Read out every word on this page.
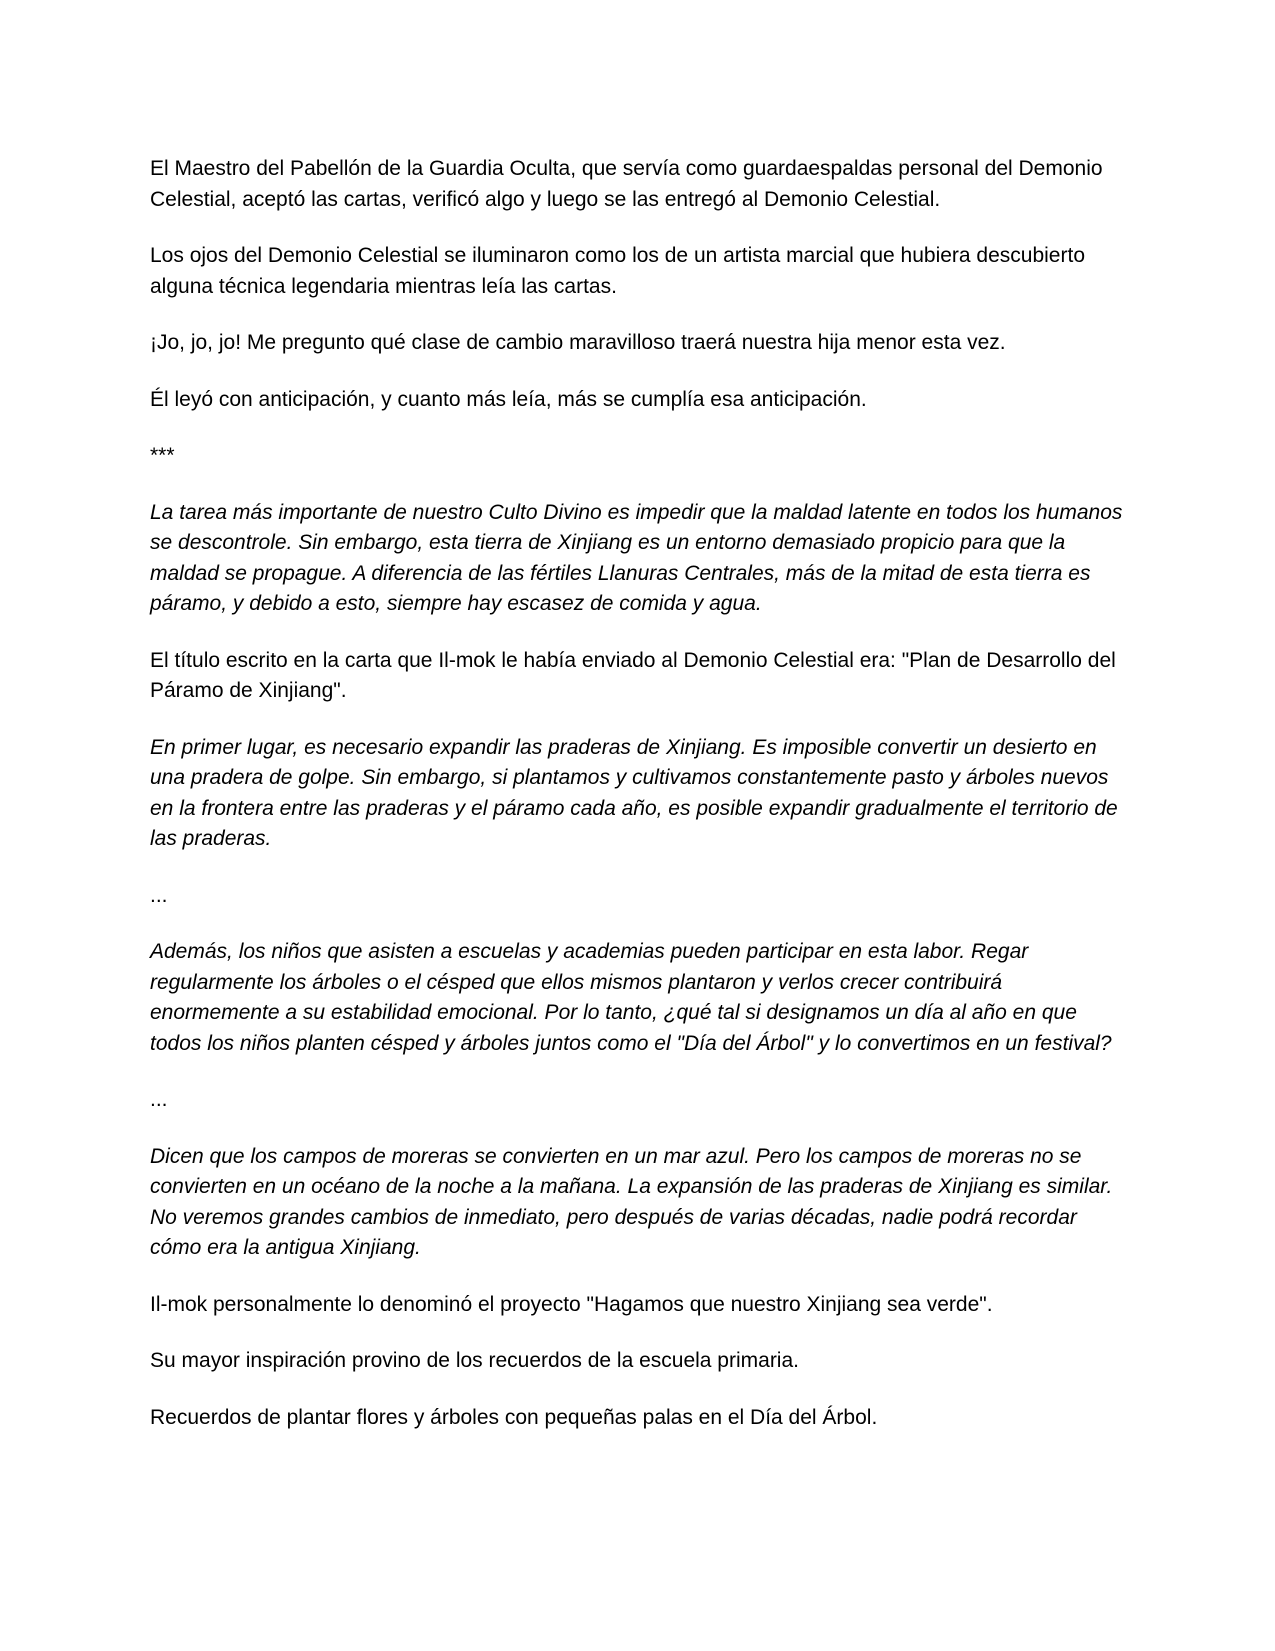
El Maestro del Pabellón de la Guardia Oculta, que servía como guardaespaldas personal del Demonio Celestial, aceptó las cartas, verificó algo y luego se las entregó al Demonio Celestial.

Los ojos del Demonio Celestial se iluminaron como los de un artista marcial que hubiera descubierto alguna técnica legendaria mientras leía las cartas.

¡Jo, jo, jo! Me pregunto qué clase de cambio maravilloso traerá nuestra hija menor esta vez.

Él leyó con anticipación, y cuanto más leía, más se cumplía esa anticipación.

***

La tarea más importante de nuestro Culto Divino es impedir que la maldad latente en todos los humanos se descontrole. Sin embargo, esta tierra de Xinjiang es un entorno demasiado propicio para que la maldad se propague. A diferencia de las fértiles Llanuras Centrales, más de la mitad de esta tierra es páramo, y debido a esto, siempre hay escasez de comida y agua.

El título escrito en la carta que Il-mok le había enviado al Demonio Celestial era: "Plan de Desarrollo del Páramo de Xinjiang".

En primer lugar, es necesario expandir las praderas de Xinjiang. Es imposible convertir un desierto en una pradera de golpe. Sin embargo, si plantamos y cultivamos constantemente pasto y árboles nuevos en la frontera entre las praderas y el páramo cada año, es posible expandir gradualmente el territorio de las praderas.

...

Además, los niños que asisten a escuelas y academias pueden participar en esta labor. Regar regularmente los árboles o el césped que ellos mismos plantaron y verlos crecer contribuirá enormemente a su estabilidad emocional. Por lo tanto, ¿qué tal si designamos un día al año en que todos los niños planten césped y árboles juntos como el "Día del Árbol" y lo convertimos en un festival?

...

Dicen que los campos de moreras se convierten en un mar azul. Pero los campos de moreras no se convierten en un océano de la noche a la mañana. La expansión de las praderas de Xinjiang es similar. No veremos grandes cambios de inmediato, pero después de varias décadas, nadie podrá recordar cómo era la antigua Xinjiang.

Il-mok personalmente lo denominó el proyecto "Hagamos que nuestro Xinjiang sea verde".

Su mayor inspiración provino de los recuerdos de la escuela primaria.

Recuerdos de plantar flores y árboles con pequeñas palas en el Día del Árbol.
